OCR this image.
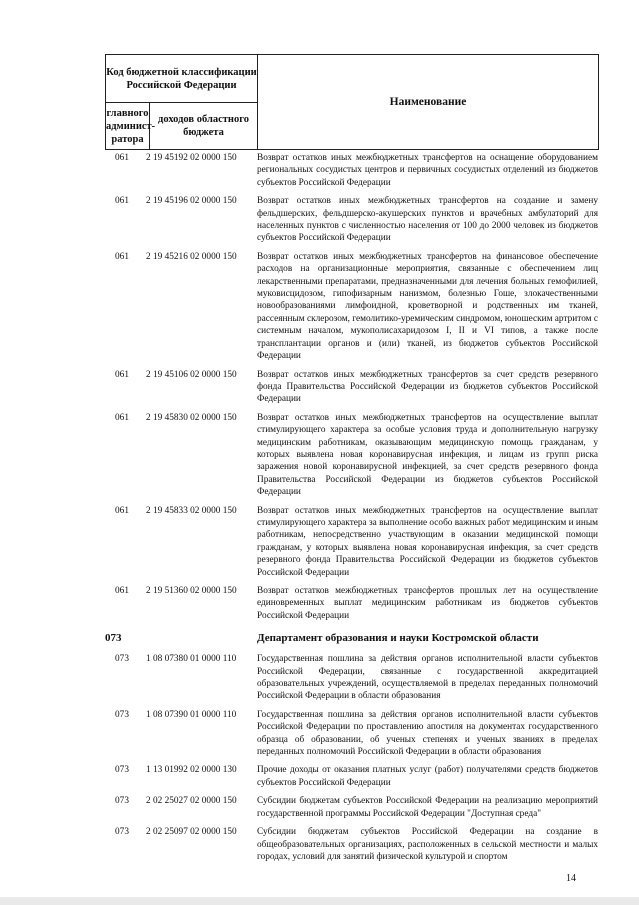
Код бюджетной классификации Российской Федерации		Наименование
главного админист-ратора	доходов областного бюджета	
061	2 19 45192 02 0000 150	Возврат остатков иных межбюджетных трансфертов на оснащение оборудованием региональных сосудистых центров и первичных сосудистых отделений из бюджетов субъектов Российской Федерации
061	2 19 45196 02 0000 150	Возврат остатков иных межбюджетных трансфертов на создание и замену фельдшерских, фельдшерско-акушерских пунктов и врачебных амбулаторий для населенных пунктов с численностью населения от 100 до 2000 человек из бюджетов субъектов Российской Федерации
061	2 19 45216 02 0000 150	Возврат остатков иных межбюджетных трансфертов на финансовое обеспечение расходов на организационные мероприятия, связанные с обеспечением лиц лекарственными препаратами, предназначенными для лечения больных гемофилией, муковисцидозом, гипофизарным нанизмом, болезнью Гоше, злокачественными новообразованиями лимфоидной, кроветворной и родственных им тканей, рассеянным склерозом, гемолитико-уремическим синдромом, юношеским артритом с системным началом, мукополисахаридозом I, II и VI типов, а также после трансплантации органов и (или) тканей, из бюджетов субъектов Российской Федерации
061	2 19 45106 02 0000 150	Возврат остатков иных межбюджетных трансфертов за счет средств резервного фонда Правительства Российской Федерации из бюджетов субъектов Российской Федерации
061	2 19 45830 02 0000 150	Возврат остатков иных межбюджетных трансфертов на осуществление выплат стимулирующего характера за особые условия труда и дополнительную нагрузку медицинским работникам, оказывающим медицинскую помощь гражданам, у которых выявлена новая коронавирусная инфекция, и лицам из групп риска заражения новой коронавирусной инфекцией, за счет средств резервного фонда Правительства Российской Федерации из бюджетов субъектов Российской Федерации
061	2 19 45833 02 0000 150	Возврат остатков иных межбюджетных трансфертов на осуществление выплат стимулирующего характера за выполнение особо важных работ медицинским и иным работникам, непосредственно участвующим в оказании медицинской помощи гражданам, у которых выявлена новая коронавирусная инфекция, за счет средств резервного фонда Правительства Российской Федерации из бюджетов субъектов Российской Федерации
061	2 19 51360 02 0000 150	Возврат остатков межбюджетных трансфертов прошлых лет на осуществление единовременных выплат медицинским работникам из бюджетов субъектов Российской Федерации
073	Департамент образования и науки Костромской области
073	1 08 07380 01 0000 110	Государственная пошлина за действия органов исполнительной власти субъектов Российской Федерации, связанные с государственной аккредитацией образовательных учреждений, осуществляемой в пределах переданных полномочий Российской Федерации в области образования
073	1 08 07390 01 0000 110	Государственная пошлина за действия органов исполнительной власти субъектов Российской Федерации по проставлению апостиля на документах государственного образца об образовании, об ученых степенях и ученых званиях в пределах переданных полномочий Российской Федерации в области образования
073	1 13 01992 02 0000 130	Прочие доходы от оказания платных услуг (работ) получателями средств бюджетов субъектов Российской Федерации
073	2 02 25027 02 0000 150	Субсидии бюджетам субъектов Российской Федерации на реализацию мероприятий государственной программы Российской Федерации "Доступная среда"
073	2 02 25097 02 0000 150	Субсидии бюджетам субъектов Российской Федерации на создание в общеобразовательных организациях, расположенных в сельской местности и малых городах, условий для занятий физической культурой и спортом
14
